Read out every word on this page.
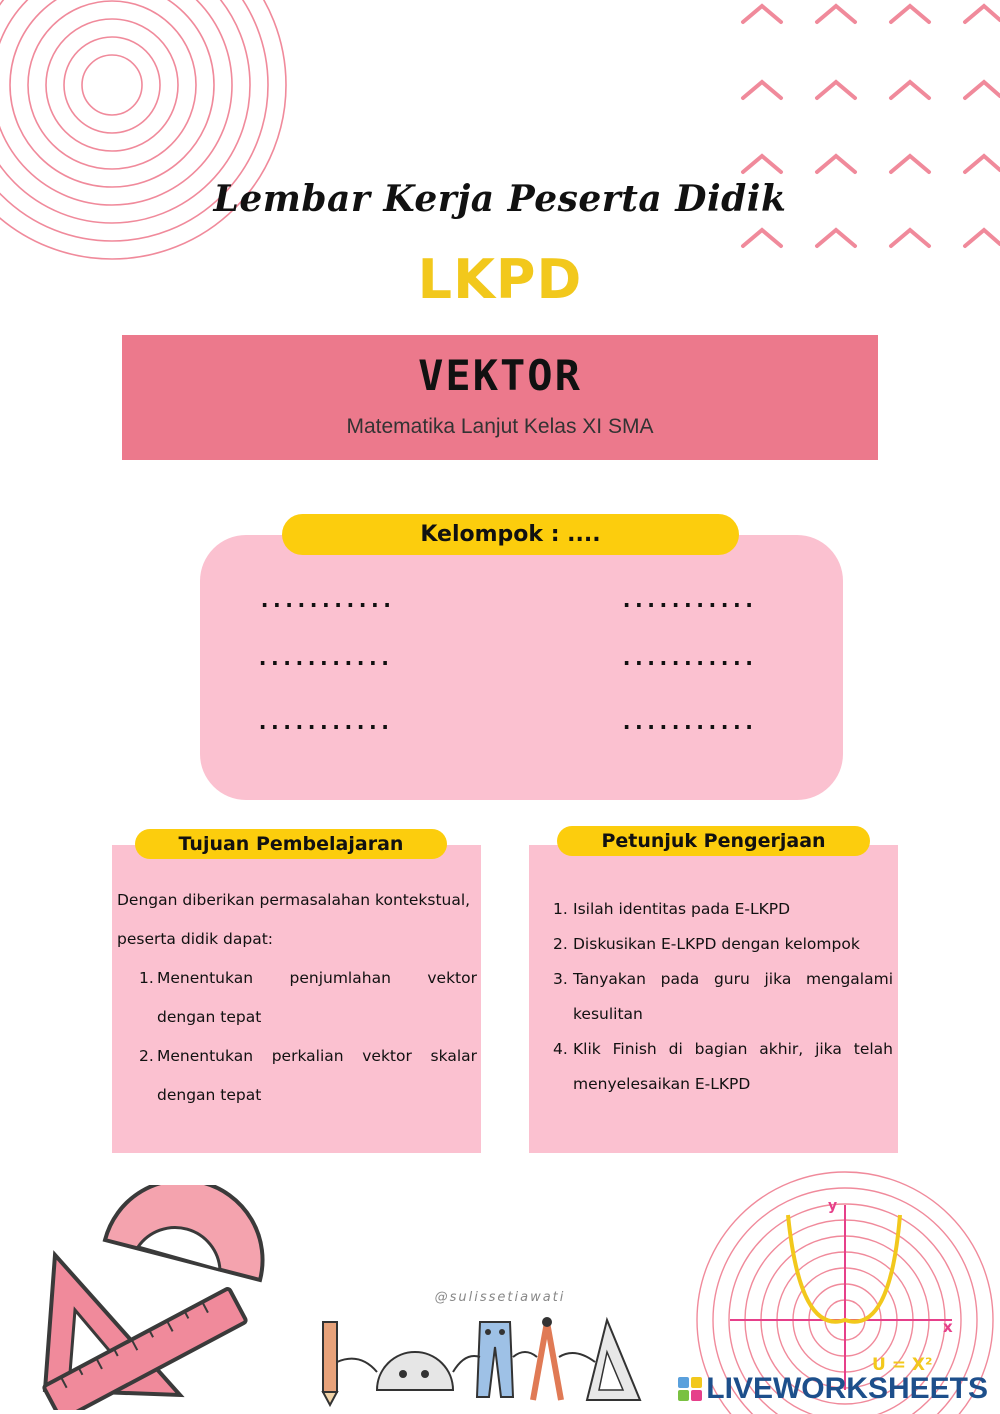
Lembar Kerja Peserta Didik
LKPD
VEKTOR
Matematika Lanjut Kelas XI SMA
Kelompok : ....
...........	...........
...........	...........
...........	...........
Tujuan Pembelajaran

Dengan diberikan permasalahan kontekstual,
peserta didik dapat:

1. Menentukan penjumlahan vektor
dengan tepat
2. Menentukan perkalian vektor skalar
dengan tepat
Petunjuk Pengerjaan
1. Isilah identitas pada E-LKPD
2. Diskusikan E-LKPD dengan kelompok
3. Tanyakan pada guru jika mengalami
kesulitan
4. Klik Finish di bagian akhir, jika telah
menyelesaikan E-LKPD
@sulissetiawati
y
x
U = X²
LIVEWORKSHEETS
